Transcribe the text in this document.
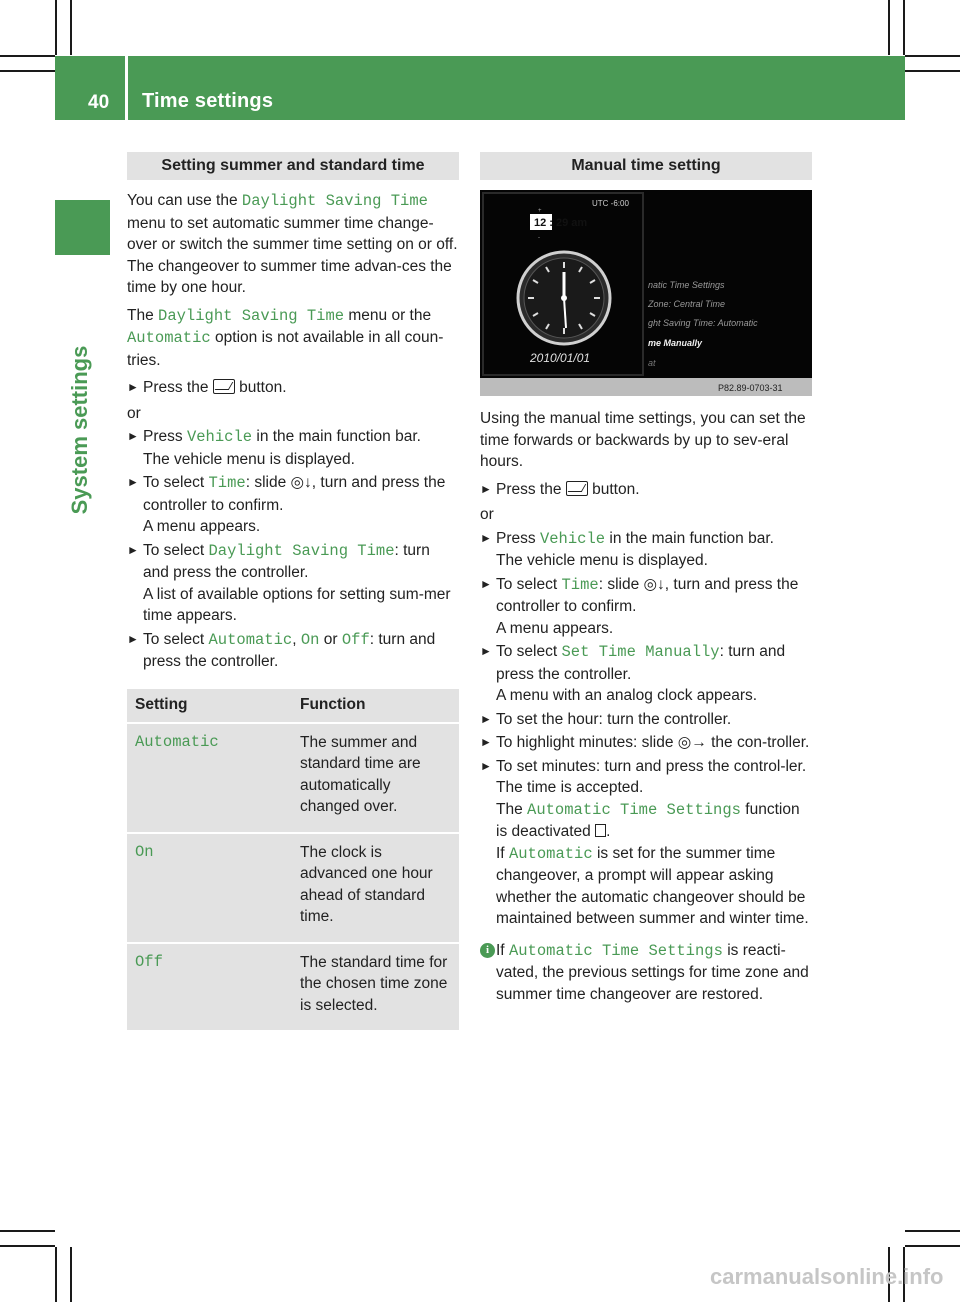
40 Time settings
System settings
Setting summer and standard time

You can use the Daylight Saving Time menu to set automatic summer time change-over or switch the summer time setting on or off. The changeover to summer time advan-ces the time by one hour.

The Daylight Saving Time menu or the Automatic option is not available in all coun-tries.

► Press the button.
or
► Press Vehicle in the main function bar.
The vehicle menu is displayed.
► To select Time: slide ◎↓, turn and press the controller to confirm.
A menu appears.
► To select Daylight Saving Time: turn and press the controller.
A list of available options for setting sum-mer time appears.
► To select Automatic, On or Off: turn and press the controller.
Setting	Function
Automatic	The summer and standard time are automatically changed over.
On	The clock is advanced one hour ahead of standard time.
Off	The standard time for the chosen time zone is selected.
Manual time setting
UTC -6:00
12 : 29 am
+
-
2010/01/01
natic Time Settings
Zone: Central Time
ght Saving Time: Automatic
me Manually
at
P82.89-0703-31

Using the manual time settings, you can set the time forwards or backwards by up to sev-eral hours.

► Press the button.
or
► Press Vehicle in the main function bar.
The vehicle menu is displayed.
► To select Time: slide ◎↓, turn and press the controller to confirm.
A menu appears.
► To select Set Time Manually: turn and press the controller.
A menu with an analog clock appears.
► To set the hour: turn the controller.
► To highlight minutes: slide ◎→ the con-troller.
► To set minutes: turn and press the control-ler.
The time is accepted.
The Automatic Time Settings function is deactivated .
If Automatic is set for the summer time changeover, a prompt will appear asking whether the automatic changeover should be maintained between summer and winter time.
i If Automatic Time Settings is reacti-vated, the previous settings for time zone and summer time changeover are restored.
carmanualsonline.info
